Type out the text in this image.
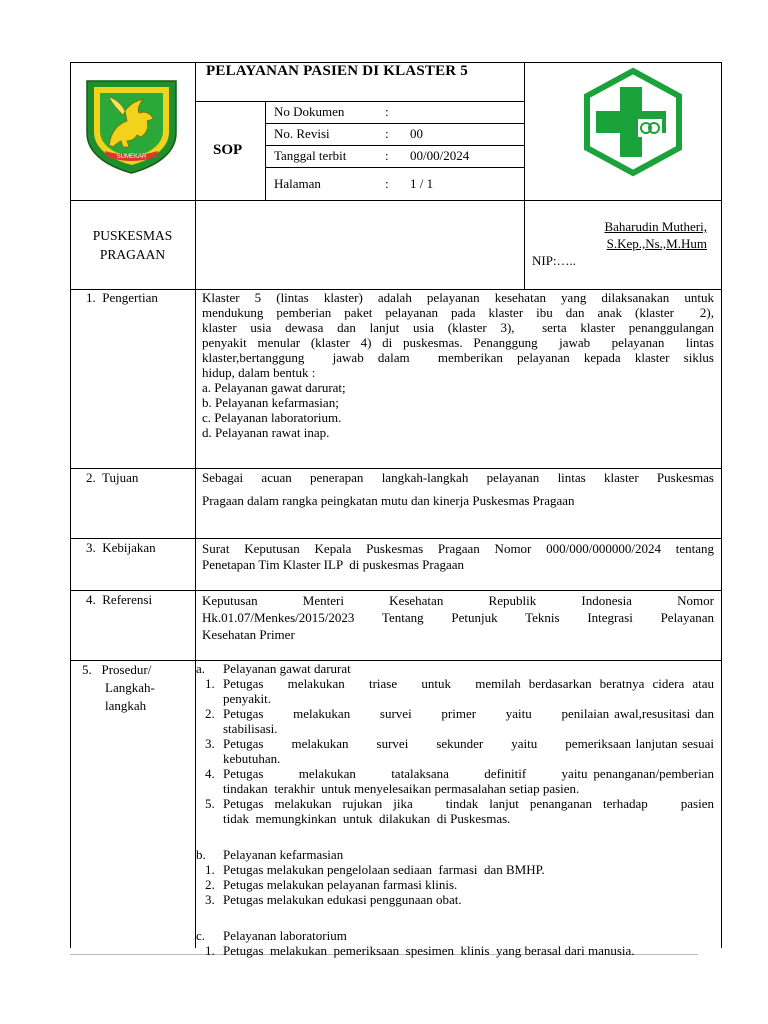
SUMEKAR
PELAYANAN PASIEN DI KLASTER 5
SOP
No Dokumen	:
No. Revisi	: 00
Tanggal terbit	: 00/00/2024
Halaman	: 1 / 1
PUSKESMAS
PRAGAAN
Baharudin Mutheri,
S.Kep.,Ns.,M.Hum
NIP:…..
1.  Pengertian	Klaster 5 (lintas klaster) adalah pelayanan kesehatan yang dilaksanakan untuk
mendukung pemberian paket pelayanan pada klaster ibu dan anak (klaster  2),
klaster usia dewasa dan lanjut usia (klaster 3),  serta klaster penanggulangan
penyakit menular (klaster 4) di puskesmas. Penanggung  jawab  pelayanan  lintas
klaster,bertanggung  jawab dalam  memberikan pelayanan kepada klaster siklus
hidup, dalam bentuk :
a. Pelayanan gawat darurat;
b. Pelayanan kefarmasian;
c. Pelayanan laboratorium.
d. Pelayanan rawat inap.
2.  Tujuan	Sebagai  acuan  penerapan  langkah-langkah  pelayanan  lintas  klaster  Puskesmas
Pragaan dalam rangka peingkatan mutu dan kinerja Puskesmas Pragaan
3.  Kebijakan	Surat Keputusan Kepala Puskesmas Pragaan Nomor 000/000/000000/2024 tentang
Penetapan Tim Klaster ILP  di puskesmas Pragaan
4.  Referensi	Keputusan        Menteri        Kesehatan        Republik        Indonesia        Nomor
Hk.01.07/Menkes/2015/2023  Tentang  Petunjuk  Teknis  Integrasi  Pelayanan
Kesehatan Primer
5.   Prosedur/
Langkah-
langkah
a. Pelayanan gawat darurat
1. Petugas   melakukan   triase   untuk   memilah berdasarkan beratnya cidera atau
penyakit.
2. Petugas      melakukan      survei      primer      yaitu      penilaian awal,resusitasi dan
stabilisasi.
3. Petugas      melakukan      survei      sekunder      yaitu      pemeriksaan lanjutan sesuai
kebutuhan.
4. Petugas      melakukan      tatalaksana      definitif      yaitu penanganan/pemberian
tindakan  terakhir  untuk menyelesaikan permasalahan setiap pasien.
5. Petugas melakukan rujukan jika   tindak lanjut penanganan terhadap   pasien
tidak  memungkinkan  untuk  dilakukan  di Puskesmas.
b. Pelayanan kefarmasian
1. Petugas melakukan pengelolaan sediaan  farmasi  dan BMHP.
2. Petugas melakukan pelayanan farmasi klinis.
3. Petugas melakukan edukasi penggunaan obat.
c. Pelayanan laboratorium
1. Petugas  melakukan  pemeriksaan  spesimen  klinis  yang berasal dari manusia.
